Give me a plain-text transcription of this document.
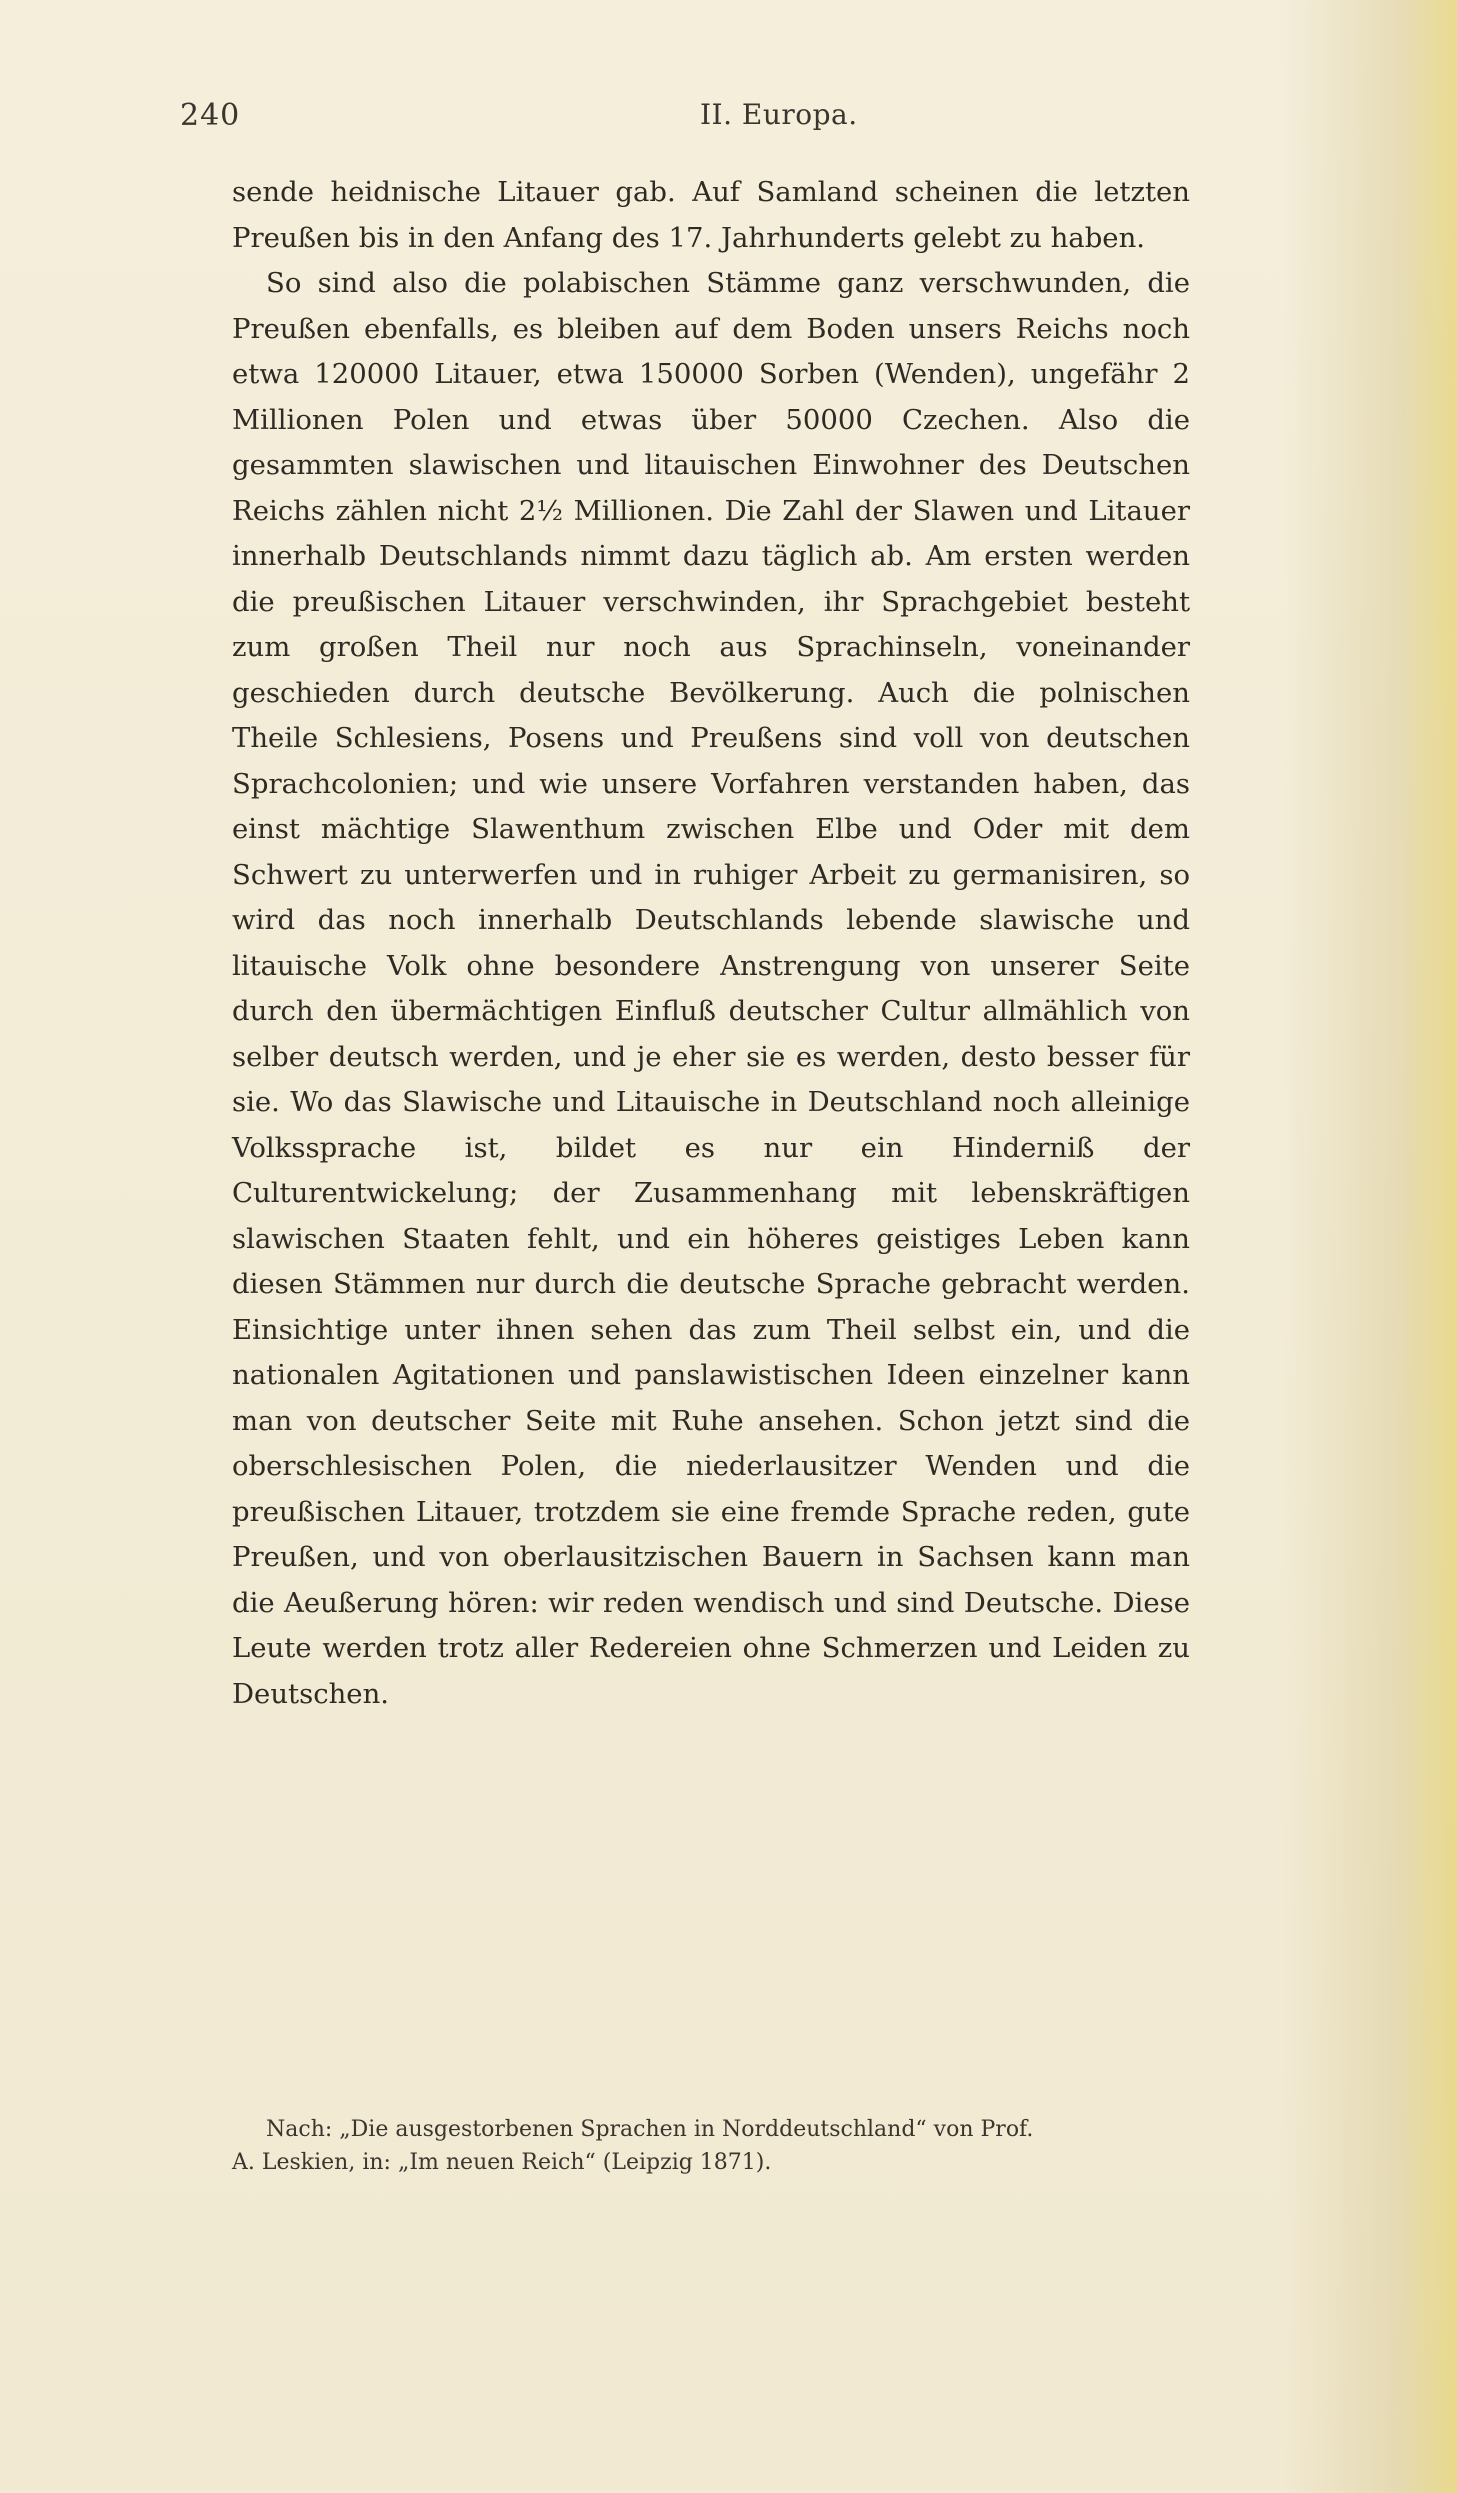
240	II. Europa.

sende heidnische Litauer gab. Auf Samland scheinen die letzten Preußen bis in den Anfang des 17. Jahrhunderts gelebt zu haben.

So sind also die polabischen Stämme ganz verschwunden, die Preußen ebenfalls, es bleiben auf dem Boden unsers Reichs noch etwa 120000 Litauer, etwa 150000 Sorben (Wenden), ungefähr 2 Millionen Polen und etwas über 50000 Czechen. Also die gesammten slawischen und litauischen Einwohner des Deutschen Reichs zählen nicht 2½ Millionen. Die Zahl der Slawen und Litauer innerhalb Deutschlands nimmt dazu täglich ab. Am ersten werden die preußischen Litauer verschwinden, ihr Sprachgebiet besteht zum großen Theil nur noch aus Sprachinseln, voneinander geschieden durch deutsche Bevölkerung. Auch die polnischen Theile Schlesiens, Posens und Preußens sind voll von deutschen Sprachcolonien; und wie unsere Vorfahren verstanden haben, das einst mächtige Slawenthum zwischen Elbe und Oder mit dem Schwert zu unterwerfen und in ruhiger Arbeit zu germanisiren, so wird das noch innerhalb Deutschlands lebende slawische und litauische Volk ohne besondere Anstrengung von unserer Seite durch den übermächtigen Einfluß deutscher Cultur allmählich von selber deutsch werden, und je eher sie es werden, desto besser für sie. Wo das Slawische und Litauische in Deutschland noch alleinige Volkssprache ist, bildet es nur ein Hinderniß der Culturentwickelung; der Zusammenhang mit lebenskräftigen slawischen Staaten fehlt, und ein höheres geistiges Leben kann diesen Stämmen nur durch die deutsche Sprache gebracht werden. Einsichtige unter ihnen sehen das zum Theil selbst ein, und die nationalen Agitationen und panslawistischen Ideen einzelner kann man von deutscher Seite mit Ruhe ansehen. Schon jetzt sind die oberschlesischen Polen, die niederlausitzer Wenden und die preußischen Litauer, trotzdem sie eine fremde Sprache reden, gute Preußen, und von oberlausitzischen Bauern in Sachsen kann man die Aeußerung hören: wir reden wendisch und sind Deutsche. Diese Leute werden trotz aller Redereien ohne Schmerzen und Leiden zu Deutschen.

Nach: „Die ausgestorbenen Sprachen in Norddeutschland“ von Prof.

A. Leskien, in: „Im neuen Reich“ (Leipzig 1871).
